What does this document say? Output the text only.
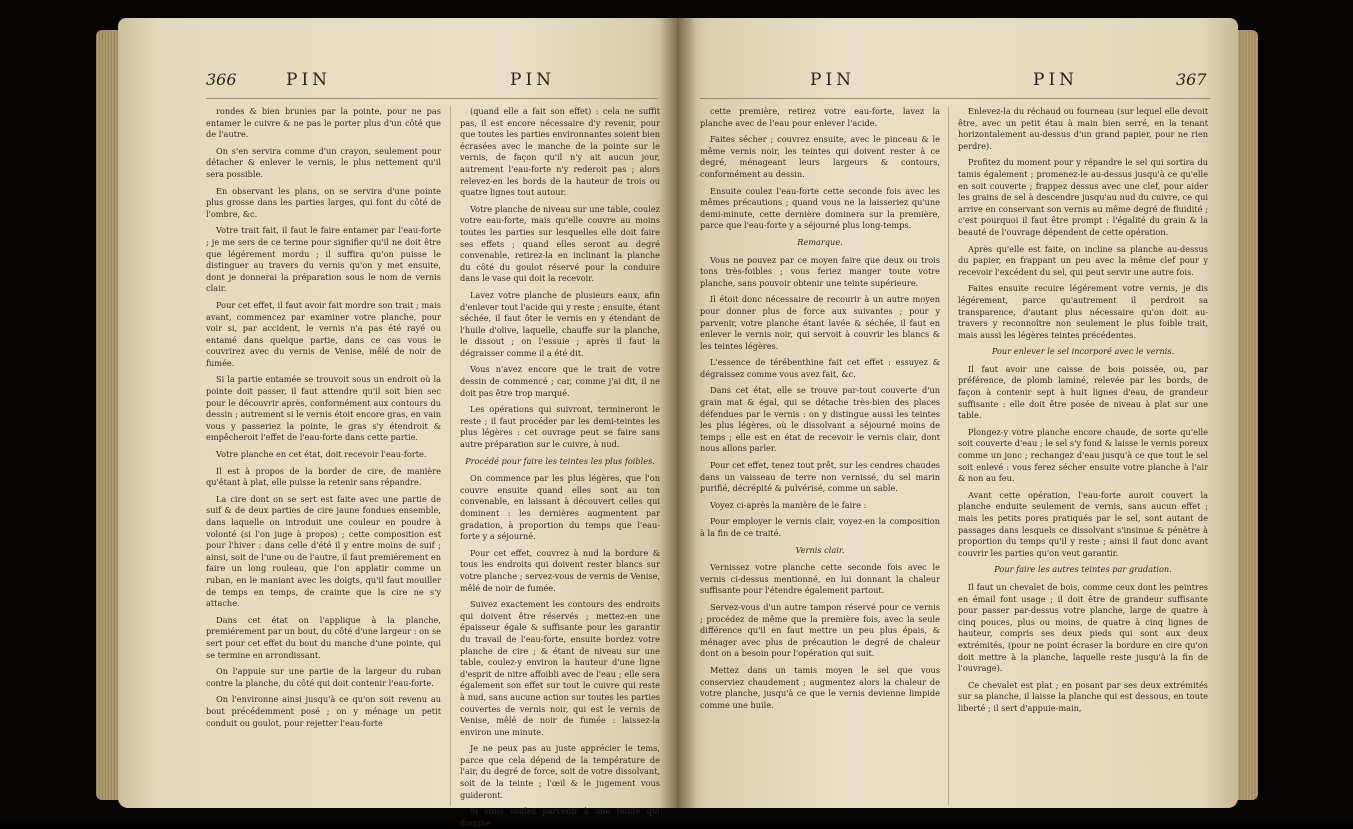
366	PIN	PIN

rondes & bien brunies par la pointe, pour ne pas entamer le cuivre & ne pas le porter plus d'un côté que de l'autre.

On s'en servira comme d'un crayon, seulement pour détacher & enlever le vernis, le plus nettement qu'il sera possible.

En observant les plans, on se servira d'une pointe plus grosse dans les parties larges, qui font du côté de l'ombre, &c.

Votre trait fait, il faut le faire entamer par l'eau-forte ; je me sers de ce terme pour signifier qu'il ne doit être que légérement mordu ; il suffira qu'on puisse le distinguer au travers du vernis qu'on y met ensuite, dont je donnerai la préparation sous le nom de vernis clair.

Pour cet effet, il faut avoir fait mordre son trait ; mais avant, commencez par examiner votre planche, pour voir si, par accident, le vernis n'a pas été rayé ou entamé dans quelque partie, dans ce cas vous le couvrirez avec du vernis de Venise, mêlé de noir de fumée.

Si la partie entamée se trouvoit sous un endroit où la pointe doit passer, il faut attendre qu'il soit bien sec pour le découvrir après, conformément aux contours du dessin ; autrement si le vernis étoit encore gras, en vain vous y passeriez la pointe, le gras s'y étendroit & empêcheroit l'effet de l'eau-forte dans cette partie.

Votre planche en cet état, doit recevoir l'eau-forte.

Il est à propos de la border de cire, de manière qu'étant à plat, elle puisse la retenir sans répandre.

La cire dont on se sert est faite avec une partie de suif & de deux parties de cire jaune fondues ensemble, dans laquelle on introduit une couleur en poudre à volonté (si l'on juge à propos) ; cette composition est pour l'hiver : dans celle d'été il y entre moins de suif ; ainsi, soit de l'une ou de l'autre, il faut premiérement en faire un long rouleau, que l'on applatir comme un ruban, en le maniant avec les doigts, qu'il faut mouiller de temps en temps, de crainte que la cire ne s'y attache.

Dans cet état on l'applique à la planche, premiérement par un bout, du côté d'une largeur : on se sert pour cet effet du bout du manche d'une pointe, qui se termine en arrondissant.

On l'appuie sur une partie de la largeur du ruban contre la planche, du côté qui doit contenir l'eau-forte.

On l'environne ainsi jusqu'à ce qu'on soit revenu au bout précédemment posé ; on y ménage un petit conduit ou goulot, pour rejetter l'eau-forte

(quand elle a fait son effet) : cela ne suffit pas, il est encore nécessaire d'y revenir, pour que toutes les parties environnantes soient bien écrasées avec le manche de la pointe sur le vernis, de façon qu'il n'y ait aucun jour, autrement l'eau-forte n'y rederoit pas ; alors relevez-en les bords de la hauteur de trois ou quatre lignes tout autour.

Votre planche de niveau sur une table, coulez votre eau-forte, mais qu'elle couvre au moins toutes les parties sur lesquelles elle doit faire ses effets ; quand elles seront au degré convenable, retirez-la en inclinant la planche du côté du goulot réservé pour la conduire dans le vase qui doit la recevoir.

Lavez votre planche de plusieurs eaux, afin d'enlever tout l'acide qui y reste ; ensuite, étant séchée, il faut ôter le vernis en y étendant de l'huile d'olive, laquelle, chauffe sur la planche, le dissout ; on l'essuie ; après il faut la dégraisser comme il a été dit.

Vous n'avez encore que le trait de votre dessin de commencé ; car, comme j'ai dit, il ne doit pas être trop marqué.

Les opérations qui suivront, termineront le reste ; il faut procéder par les demi-teintes les plus légères : cet ouvrage peut se faire sans autre préparation sur le cuivre, à nud.

Procédé pour faire les teintes les plus foibles.

On commence par les plus légères, que l'on couvre ensuite quand elles sont au ton convenable, en laissant à découvert celles qui dominent : les dernières augmentent par gradation, à proportion du temps que l'eau-forte y a séjourné.

Pour cet effet, couvrez à nud la bordure & tous les endroits qui doivent rester blancs sur votre planche ; servez-vous de vernis de Venise, mêlé de noir de fumée.

Suivez exactement les contours des endroits qui doivent être réservés ; mettez-en une épaisseur égale & suffisante pour les garantir du travail de l'eau-forte, ensuite bordez votre planche de cire ; & étant de niveau sur une table, coulez-y environ la hauteur d'une ligne d'esprit de nitre affoibli avec de l'eau ; elle sera également son effet sur tout le cuivre qui reste à nud, sans aucune action sur toutes les parties couvertes de vernis noir, qui est le vernis de Venise, mêlé de noir de fumée : laissez-la environ une minute.

Je ne peux pas au juste apprécier le tems, parce que cela dépend de la température de l'air, du degré de force, soit de votre dissolvant, soit de la teinte ; l'œil & le jugement vous guideront.

Si vous voulez parvenir à une teinte qui domine

PIN	PIN	367

cette première, retirez votre eau-forte, lavez la planche avec de l'eau pour enlever l'acide.

Faites sécher ; couvrez ensuite, avec le pinceau & le même vernis noir, les teintes qui doivent rester à ce degré, ménageant leurs largeurs & contours, conformément au dessin.

Ensuite coulez l'eau-forte cette seconde fois avec les mêmes précautions ; quand vous ne la laisseriez qu'une demi-minute, cette dernière dominera sur la première, parce que l'eau-forte y a séjourné plus long-temps.

Remarque.

Vous ne pouvez par ce moyen faire que deux ou trois tons très-foibles ; vous feriez manger toute votre planche, sans pouvoir obtenir une teinte supérieure.

Il étoit donc nécessaire de recourir à un autre moyen pour donner plus de force aux suivantes ; pour y parvenir, votre planche étant lavée & séchée, il faut en enlever le vernis noir, qui servoit à couvrir les blancs & les teintes légères.

L'essence de térébenthine fait cet effet : essuyez & dégraissez comme vous avez fait, &c.

Dans cet état, elle se trouve par-tout couverte d'un grain mat & égal, qui se détache très-bien des places défendues par le vernis : on y distingue aussi les teintes les plus légères, où le dissolvant a séjourné moins de temps ; elle est en état de recevoir le vernis clair, dont nous allons parler.

Pour cet effet, tenez tout prêt, sur les cendres chaudes dans un vaisseau de terre non vernissé, du sel marin purifié, décrépité & pulvérisé, comme un sable.

Voyez ci-après la manière de le faire :

Pour employer le vernis clair, voyez-en la composition à la fin de ce traité.

Vernis clair.

Vernissez votre planche cette seconde fois avec le vernis ci-dessus mentionné, en lui donnant la chaleur suffisante pour l'étendre également partout.

Servez-vous d'un autre tampon réservé pour ce vernis ; procédez de même que la première fois, avec la seule différence qu'il en faut mettre un peu plus épais, & ménager avec plus de précaution le degré de chaleur dont on a besoin pour l'opération qui suit.

Mettez dans un tamis moyen le sel que vous conserviez chaudement ; augmentez alors la chaleur de votre planche, jusqu'à ce que le vernis devienne limpide comme une huile.

Enlevez-la du réchaud ou fourneau (sur lequel elle devoit être, avec un petit étau à main bien serré, en la tenant horizontalement au-dessus d'un grand papier, pour ne rien perdre).

Profitez du moment pour y répandre le sel qui sortira du tamis également ; promenez-le au-dessus jusqu'à ce qu'elle en soit couverte ; frappez dessus avec une clef, pour aider les grains de sel à descendre jusqu'au nud du cuivre, ce qui arrive en conservant son vernis au même degré de fluidité ; c'est pourquoi il faut être prompt : l'égalité du grain & la beauté de l'ouvrage dépendent de cette opération.

Après qu'elle est faite, on incline sa planche au-dessus du papier, en frappant un peu avec la même clef pour y recevoir l'excédent du sel, qui peut servir une autre fois.

Faites ensuite recuire légérement votre vernis, je dis légérement, parce qu'autrement il perdroit sa transparence, d'autant plus nécessaire qu'on doit au-travers y reconnoître non seulement le plus foible trait, mais aussi les légères teintes précédentes.

Pour enlever le sel incorporé avec le vernis.

Il faut avoir une caisse de bois poissée, ou, par préférence, de plomb laminé, relevée par les bords, de façon à contenir sept à huit lignes d'eau, de grandeur suffisante : elle doit être posée de niveau à plat sur une table.

Plongez-y votre planche encore chaude, de sorte qu'elle soit couverte d'eau ; le sel s'y fond & laisse le vernis poreux comme un jonc ; rechangez d'eau jusqu'à ce que tout le sel soit enlevé : vous ferez sécher ensuite votre planche à l'air & non au feu.

Avant cette opération, l'eau-forte auroit couvert la planche enduite seulement de vernis, sans aucun effet ; mais les petits pores pratiqués par le sel, sont autant de passages dans lesquels ce dissolvant s'insinue & pénètre à proportion du temps qu'il y reste ; ainsi il faut donc avant couvrir les parties qu'on veut garantir.

Pour faire les autres teintes par gradation.

Il faut un chevalet de bois, comme ceux dont les peintres en émail font usage ; il doit être de grandeur suffisante pour passer par-dessus votre planche, large de quatre à cinq pouces, plus ou moins, de quatre à cinq lignes de hauteur, compris ses deux pieds qui sont aux deux extrémités, (pour ne point écraser la bordure en cire qu'on doit mettre à la planche, laquelle reste jusqu'à la fin de l'ouvrage).

Ce chevalet est plat ; en posant par ses deux extrémités sur sa planche, il laisse la planche qui est dessous, en toute liberté ; il sert d'appuie-main,
